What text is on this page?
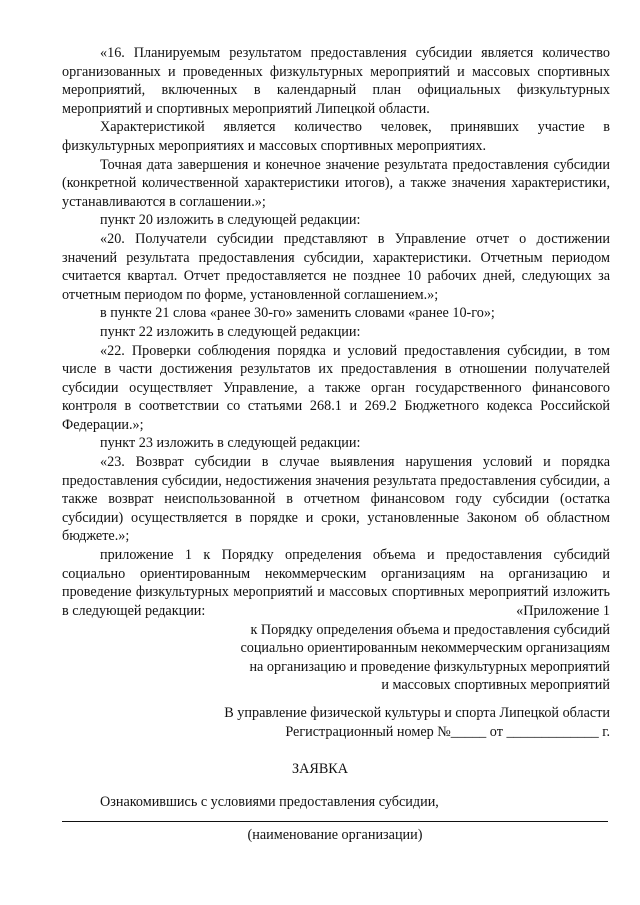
«16. Планируемым результатом предоставления субсидии является количество организованных и проведенных физкультурных мероприятий и массовых спортивных мероприятий, включенных в календарный план официальных физкультурных мероприятий и спортивных мероприятий Липецкой области.

Характеристикой является количество человек, принявших участие в физкультурных мероприятиях и массовых спортивных мероприятиях.

Точная дата завершения и конечное значение результата предоставления субсидии (конкретной количественной характеристики итогов), а также значения характеристики, устанавливаются в соглашении.»;

пункт 20 изложить в следующей редакции:

«20. Получатели субсидии представляют в Управление отчет о достижении значений результата предоставления субсидии, характеристики. Отчетным периодом считается квартал. Отчет предоставляется не позднее 10 рабочих дней, следующих за отчетным периодом по форме, установленной соглашением.»;

в пункте 21 слова «ранее 30-го» заменить словами «ранее 10-го»;

пункт 22 изложить в следующей редакции:

«22. Проверки соблюдения порядка и условий предоставления субсидии, в том числе в части достижения результатов их предоставления в отношении получателей субсидии осуществляет Управление, а также орган государственного финансового контроля в соответствии со статьями 268.1 и 269.2 Бюджетного кодекса Российской Федерации.»;

пункт 23 изложить в следующей редакции:

«23. Возврат субсидии в случае выявления нарушения условий и порядка предоставления субсидии, недостижения значения результата предоставления субсидии, а также возврат неиспользованной в отчетном финансовом году субсидии (остатка субсидии) осуществляется в порядке и сроки, установленные Законом об областном бюджете.»;

приложение 1 к Порядку определения объема и предоставления субсидий социально ориентированным некоммерческим организациям на организацию и проведение физкультурных мероприятий и массовых спортивных мероприятий изложить в следующей редакции:	«Приложение 1
к Порядку определения объема и предоставления субсидий
социально ориентированным некоммерческим организациям
на организацию и проведение физкультурных мероприятий
и массовых спортивных мероприятий
В управление физической культуры и спорта Липецкой области
Регистрационный номер №_____ от _____________ г.
ЗАЯВКА
Ознакомившись с условиями предоставления субсидии,
(наименование организации)
